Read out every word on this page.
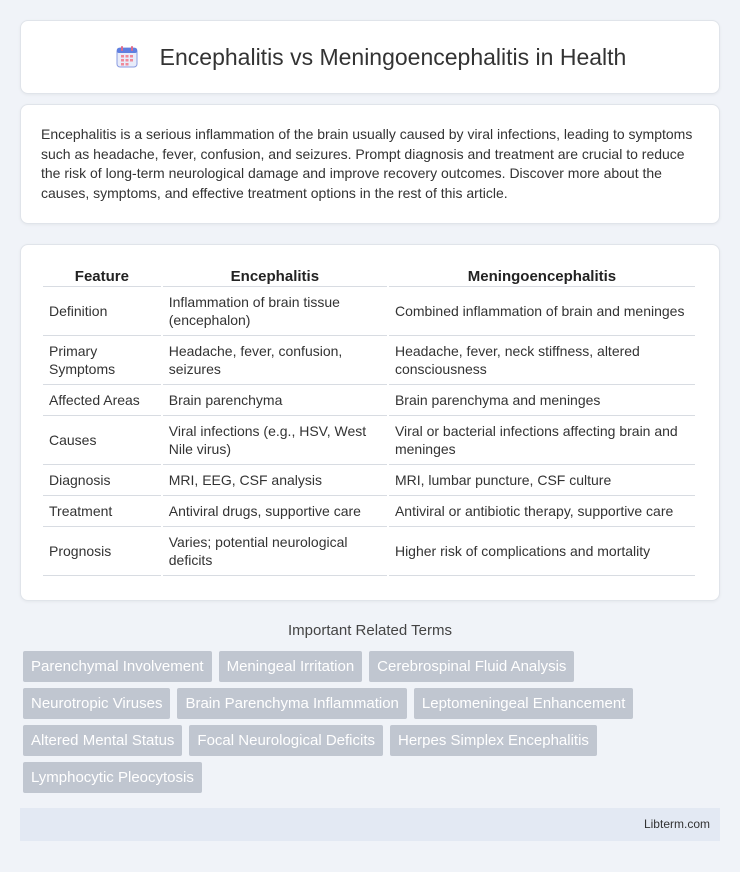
Encephalitis vs Meningoencephalitis in Health

Encephalitis is a serious inflammation of the brain usually caused by viral infections, leading to symptoms such as headache, fever, confusion, and seizures. Prompt diagnosis and treatment are crucial to reduce the risk of long-term neurological damage and improve recovery outcomes. Discover more about the causes, symptoms, and effective treatment options in the rest of this article.

Feature	Encephalitis	Meningoencephalitis
Definition	Inflammation of brain tissue (encephalon)	Combined inflammation of brain and meninges
Primary Symptoms	Headache, fever, confusion, seizures	Headache, fever, neck stiffness, altered consciousness
Affected Areas	Brain parenchyma	Brain parenchyma and meninges
Causes	Viral infections (e.g., HSV, West Nile virus)	Viral or bacterial infections affecting brain and meninges
Diagnosis	MRI, EEG, CSF analysis	MRI, lumbar puncture, CSF culture
Treatment	Antiviral drugs, supportive care	Antiviral or antibiotic therapy, supportive care
Prognosis	Varies; potential neurological deficits	Higher risk of complications and mortality
Important Related Terms
Parenchymal Involvement	Meningeal Irritation	Cerebrospinal Fluid Analysis
Neurotropic Viruses	Brain Parenchyma Inflammation	Leptomeningeal Enhancement
Altered Mental Status	Focal Neurological Deficits	Herpes Simplex Encephalitis
Lymphocytic Pleocytosis
Libterm.com
